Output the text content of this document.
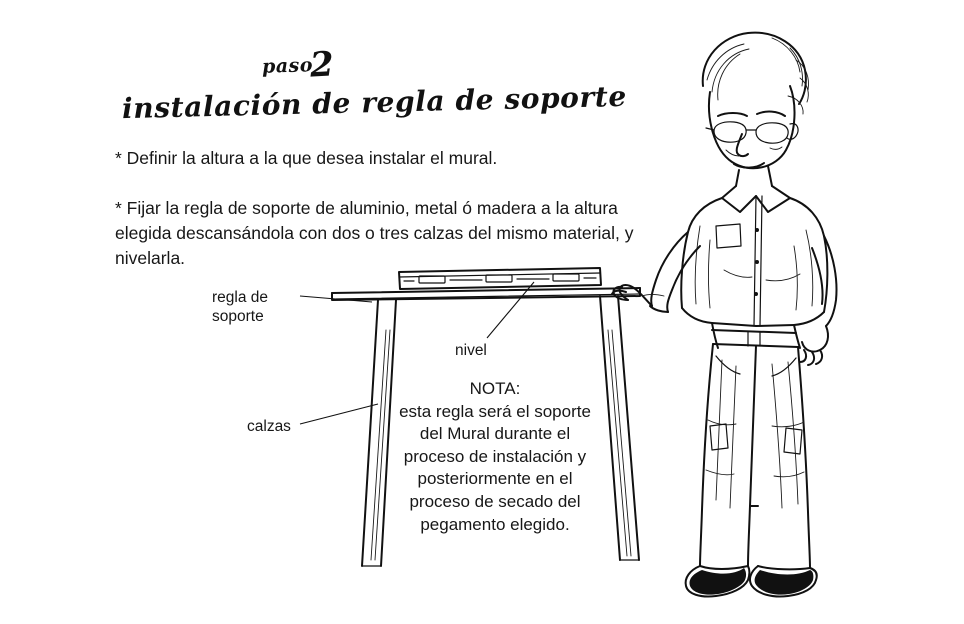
paso
2
instalación de regla de soporte
* Definir la altura a la que desea instalar el mural.
* Fijar la regla de soporte de aluminio, metal ó madera a la altura elegida descansándola con dos o tres calzas del mismo material, y nivelarla.
regla de
soporte
nivel
calzas
NOTA:
esta regla será el soporte del Mural durante el proceso de instalación y posteriormente en el proceso de secado del pegamento elegido.
